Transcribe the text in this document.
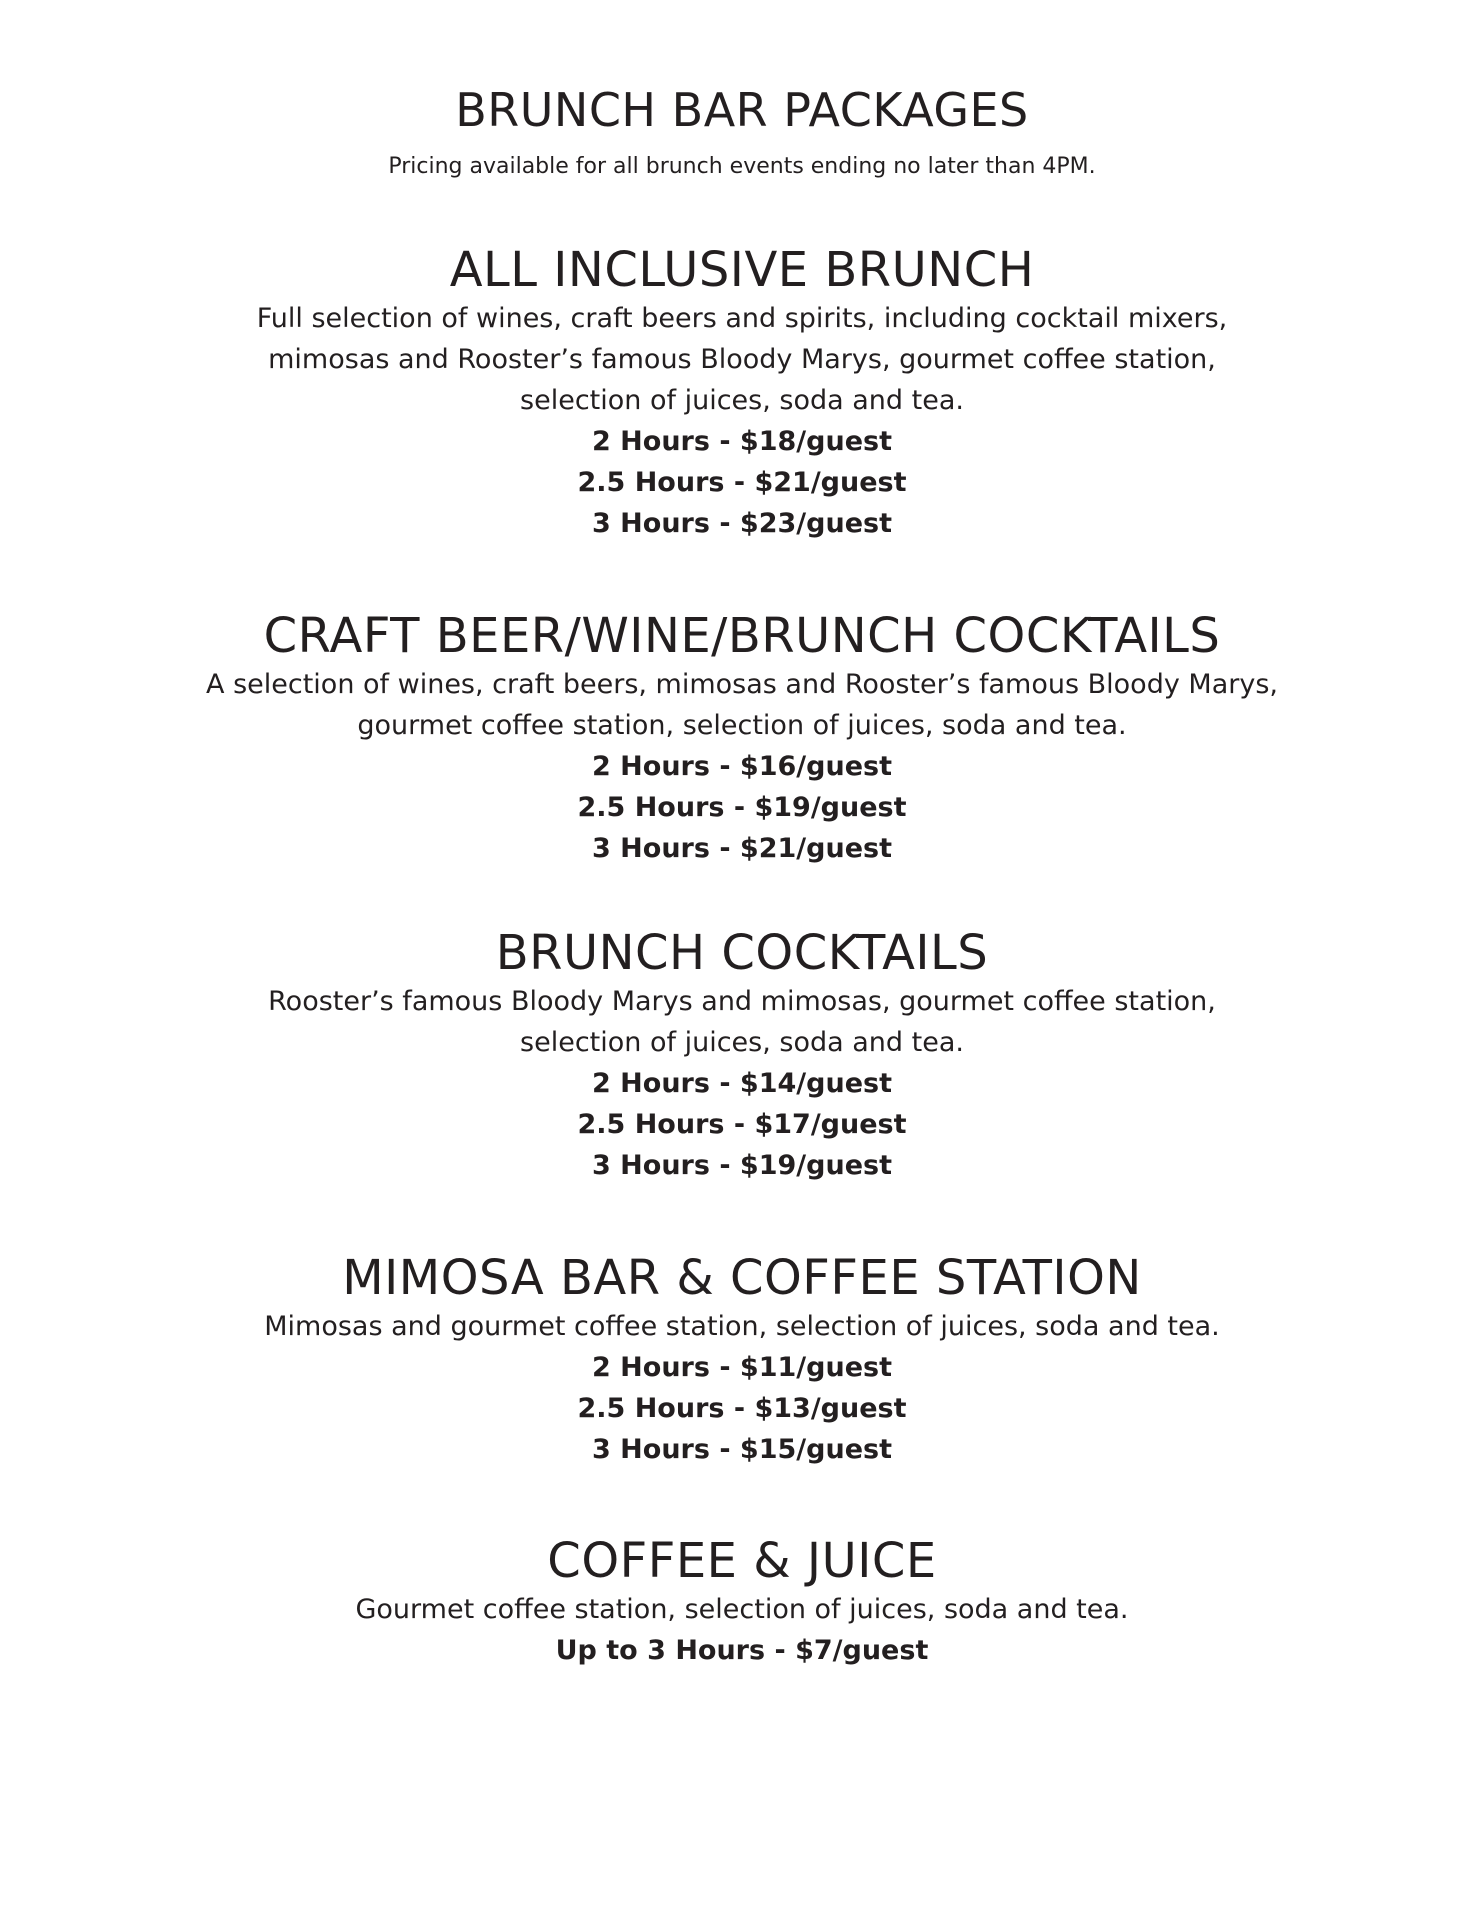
BRUNCH BAR PACKAGES

Pricing available for all brunch events ending no later than 4PM.

ALL INCLUSIVE BRUNCH

Full selection of wines, craft beers and spirits, including cocktail mixers,
mimosas and Rooster’s famous Bloody Marys, gourmet coffee station,
selection of juices, soda and tea.

2 Hours - $18/guest
2.5 Hours - $21/guest
3 Hours - $23/guest
CRAFT BEER/WINE/BRUNCH COCKTAILS

A selection of wines, craft beers, mimosas and Rooster’s famous Bloody Marys,
gourmet coffee station, selection of juices, soda and tea.

2 Hours - $16/guest
2.5 Hours - $19/guest
3 Hours - $21/guest
BRUNCH COCKTAILS

Rooster’s famous Bloody Marys and mimosas, gourmet coffee station,
selection of juices, soda and tea.

2 Hours - $14/guest
2.5 Hours - $17/guest
3 Hours - $19/guest
MIMOSA BAR & COFFEE STATION

Mimosas and gourmet coffee station, selection of juices, soda and tea.

2 Hours - $11/guest
2.5 Hours - $13/guest
3 Hours - $15/guest
COFFEE & JUICE

Gourmet coffee station, selection of juices, soda and tea.

Up to 3 Hours - $7/guest
